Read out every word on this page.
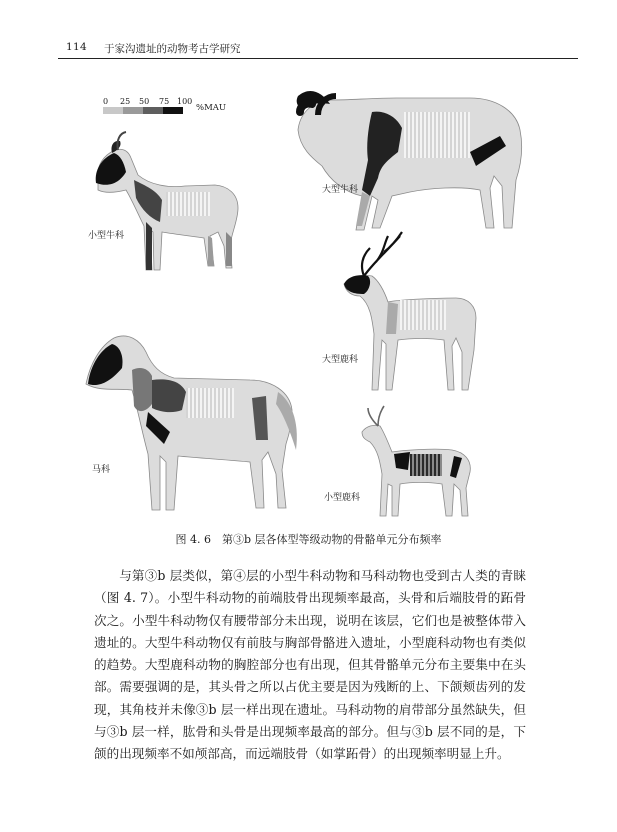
114 于家沟遗址的动物考古学研究
0 25 50 75 100
%MAU
小型牛科
大型牛科
大型鹿科
马科
小型鹿科
图 4. 6　第③b 层各体型等级动物的骨骼单元分布频率

与第③b 层类似，第④层的小型牛科动物和马科动物也受到古人类的青睐（图 4. 7）。小型牛科动物的前端肢骨出现频率最高，头骨和后端肢骨的跖骨次之。小型牛科动物仅有腰带部分未出现，说明在该层，它们也是被整体带入遗址的。大型牛科动物仅有前肢与胸部骨骼进入遗址，小型鹿科动物也有类似的趋势。大型鹿科动物的胸腔部分也有出现，但其骨骼单元分布主要集中在头部。需要强调的是，其头骨之所以占优主要是因为残断的上、下颌颊齿列的发现，其角枝并未像③b 层一样出现在遗址。马科动物的肩带部分虽然缺失，但与③b 层一样，肱骨和头骨是出现频率最高的部分。但与③b 层不同的是，下颌的出现频率不如颅部高，而远端肢骨（如掌跖骨）的出现频率明显上升。
